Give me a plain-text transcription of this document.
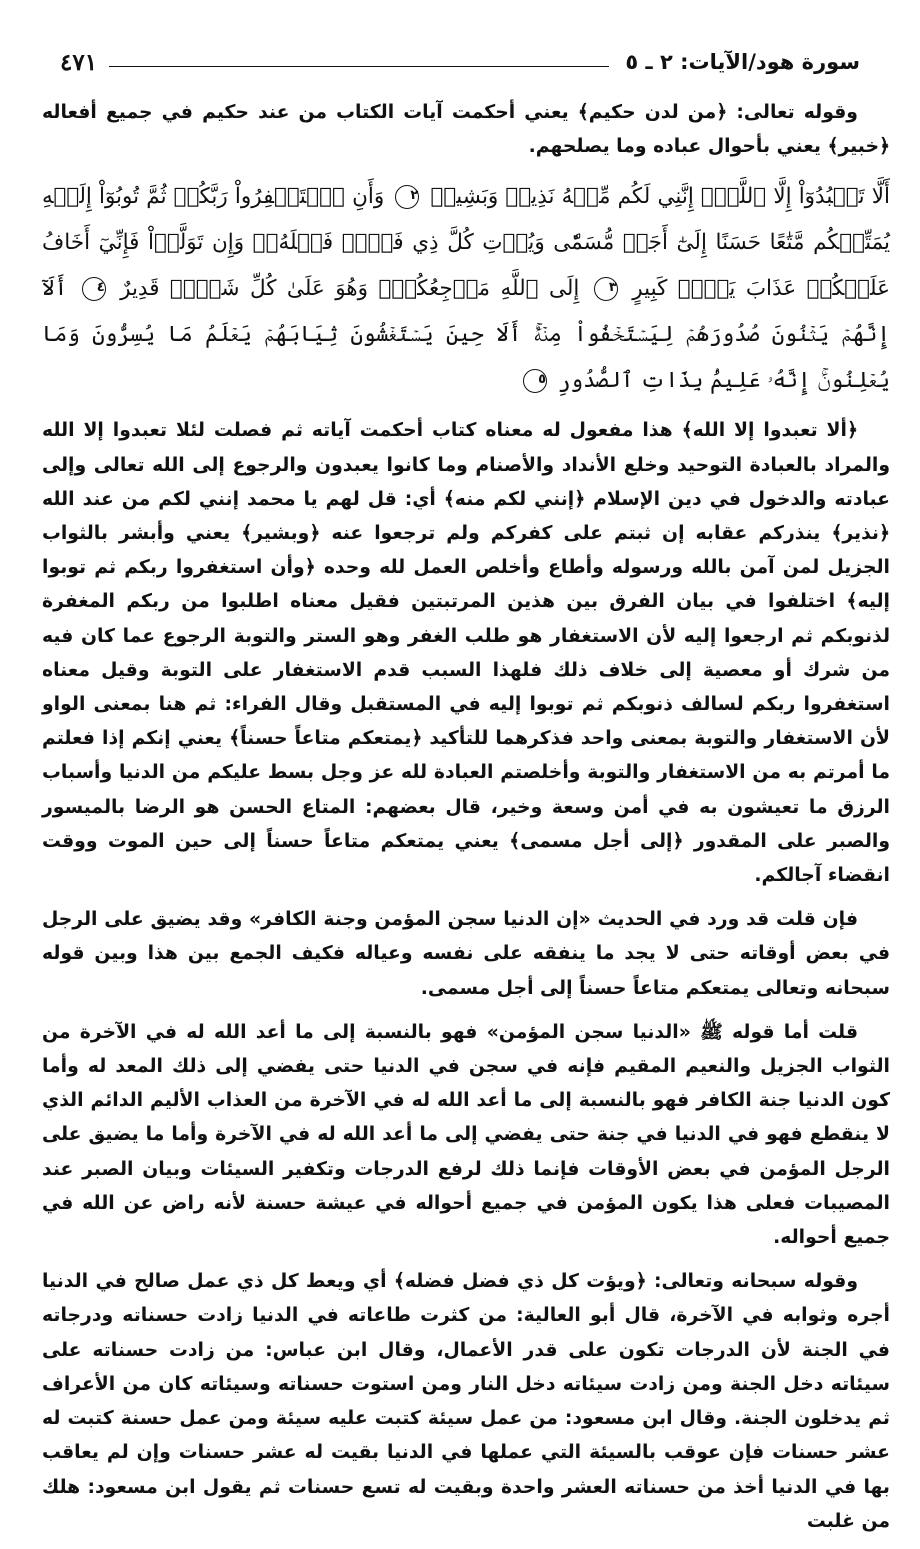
سورة هود/الآيات: ٢ ـ ٥
٤٧١

وقوله تعالى: ﴿من لدن حكيم﴾ يعني أحكمت آيات الكتاب من عند حكيم في جميع أفعاله ﴿خبير﴾ يعني بأحوال عباده وما يصلحهم.

أَلَّا تَعۡبُدُوٓاْ إِلَّا ٱللَّهَۚ إِنَّنِي لَكُم مِّنۡهُ نَذِيرٞ وَبَشِيرٞ ٢ وَأَنِ ٱسۡتَغۡفِرُواْ رَبَّكُمۡ ثُمَّ تُوبُوٓاْ إِلَيۡهِ يُمَتِّعۡكُم مَّتَٰعًا حَسَنًا إِلَىٰٓ أَجَلٖ مُّسَمّٗى وَيُؤۡتِ كُلَّ ذِي فَضۡلٖ فَضۡلَهُۥۖ وَإِن تَوَلَّوۡاْ فَإِنِّيٓ أَخَافُ عَلَيۡكُمۡ عَذَابَ يَوۡمٖ كَبِيرٍ ٣ إِلَى ٱللَّهِ مَرۡجِعُكُمۡۖ وَهُوَ عَلَىٰ كُلِّ شَيۡءٖ قَدِيرٌ ٤ أَلَآ إِنَّهُمۡ يَثۡنُونَ صُدُورَهُمۡ لِيَسۡتَخۡفُواْ مِنۡهُۚ أَلَا حِينَ يَسۡتَغۡشُونَ ثِيَابَهُمۡ يَعۡلَمُ مَا يُسِرُّونَ وَمَا يُعۡلِنُونَۚ إِنَّهُۥ عَلِيمُۢ بِذَاتِ ٱلصُّدُورِ ٥

﴿ألا تعبدوا إلا الله﴾ هذا مفعول له معناه كتاب أحكمت آياته ثم فصلت لئلا تعبدوا إلا الله والمراد بالعبادة التوحيد وخلع الأنداد والأصنام وما كانوا يعبدون والرجوع إلى الله تعالى وإلى عبادته والدخول في دين الإسلام ﴿إنني لكم منه﴾ أي: قل لهم يا محمد إنني لكم من عند الله ﴿نذير﴾ ينذركم عقابه إن ثبتم على كفركم ولم ترجعوا عنه ﴿وبشير﴾ يعني وأبشر بالثواب الجزيل لمن آمن بالله ورسوله وأطاع وأخلص العمل لله وحده ﴿وأن استغفروا ربكم ثم توبوا إليه﴾ اختلفوا في بيان الفرق بين هذين المرتبتين فقيل معناه اطلبوا من ربكم المغفرة لذنوبكم ثم ارجعوا إليه لأن الاستغفار هو طلب الغفر وهو الستر والتوبة الرجوع عما كان فيه من شرك أو معصية إلى خلاف ذلك فلهذا السبب قدم الاستغفار على التوبة وقيل معناه استغفروا ربكم لسالف ذنوبكم ثم توبوا إليه في المستقبل وقال الفراء: ثم هنا بمعنى الواو لأن الاستغفار والتوبة بمعنى واحد فذكرهما للتأكيد ﴿يمتعكم متاعاً حسناً﴾ يعني إنكم إذا فعلتم ما أمرتم به من الاستغفار والتوبة وأخلصتم العبادة لله عز وجل بسط عليكم من الدنيا وأسباب الرزق ما تعيشون به في أمن وسعة وخير، قال بعضهم: المتاع الحسن هو الرضا بالميسور والصبر على المقدور ﴿إلى أجل مسمى﴾ يعني يمتعكم متاعاً حسناً إلى حين الموت ووقت انقضاء آجالكم.

فإن قلت قد ورد في الحديث «إن الدنيا سجن المؤمن وجنة الكافر» وقد يضيق على الرجل في بعض أوقاته حتى لا يجد ما ينفقه على نفسه وعياله فكيف الجمع بين هذا وبين قوله سبحانه وتعالى يمتعكم متاعاً حسناً إلى أجل مسمى.

قلت أما قوله ﷺ «الدنيا سجن المؤمن» فهو بالنسبة إلى ما أعد الله له في الآخرة من الثواب الجزيل والنعيم المقيم فإنه في سجن في الدنيا حتى يفضي إلى ذلك المعد له وأما كون الدنيا جنة الكافر فهو بالنسبة إلى ما أعد الله له في الآخرة من العذاب الأليم الدائم الذي لا ينقطع فهو في الدنيا في جنة حتى يفضي إلى ما أعد الله له في الآخرة وأما ما يضيق على الرجل المؤمن في بعض الأوقات فإنما ذلك لرفع الدرجات وتكفير السيئات وبيان الصبر عند المصيبات فعلى هذا يكون المؤمن في جميع أحواله في عيشة حسنة لأنه راض عن الله في جميع أحواله.

وقوله سبحانه وتعالى: ﴿ويؤت كل ذي فضل فضله﴾ أي ويعط كل ذي عمل صالح في الدنيا أجره وثوابه في الآخرة، قال أبو العالية: من كثرت طاعاته في الدنيا زادت حسناته ودرجاته في الجنة لأن الدرجات تكون على قدر الأعمال، وقال ابن عباس: من زادت حسناته على سيئاته دخل الجنة ومن زادت سيئاته دخل النار ومن استوت حسناته وسيئاته كان من الأعراف ثم يدخلون الجنة. وقال ابن مسعود: من عمل سيئة كتبت عليه سيئة ومن عمل حسنة كتبت له عشر حسنات فإن عوقب بالسيئة التي عملها في الدنيا بقيت له عشر حسنات وإن لم يعاقب بها في الدنيا أخذ من حسناته العشر واحدة وبقيت له تسع حسنات ثم يقول ابن مسعود: هلك من غلبت
